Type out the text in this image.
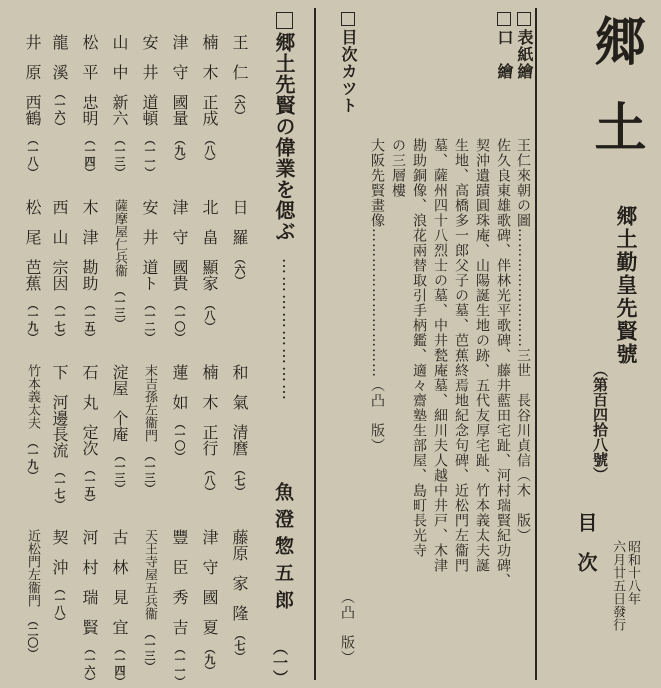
郷土
郷土勤皇先賢號
（第百四拾八號）
目　次	昭和十八年
六月廿五日發行
表紙繪
王仁來朝の圖……………………三世　長谷川貞信（木　版）
口　繪
佐久良東雄歌碑、伴林光平歌碑、藤井藍田宅趾、河村瑞賢紀功碑、
契沖遺蹟圓珠庵、山陽誕生地の跡、五代友厚宅趾、竹本義太夫誕
生地、高橋多一郎父子の墓、芭蕉終焉地紀念句碑、近松門左衞門
墓、薩州四十八烈士の墓、中井甃庵墓、細川夫人越中井戸、木津
勘助銅像、浪花兩替取引手柄鑑、適々齋塾生部屋、島町長光寺
の三層樓
大阪先賢畫像…………………………（凸　版）
目次カツト
（凸　版）
郷土先賢の偉業を偲ぶ
魚澄惣五郎
（一）
……………………
王仁（六）
日羅（六）
和氣清麿（七）
藤原家隆（七）
楠木正成（八）
北畠顯家（八）
楠木正行（八）
津守國夏（九）
津守國量（九）
津守國貴（一〇）
蓮如（一〇）
豐臣秀吉（一一）
安井道頓（一一）
安井道ト（一二）
末吉孫左衞門（一三）
天王寺屋五兵衞（一三）
山中新六（一三）
薩摩屋仁兵衞（一三）
淀屋个庵（一三）
古林見宜（一四）
松平忠明（一四）
木津勘助（一五）
石丸定次（一五）
河村瑞賢（一六）
龍溪（一六）
西山宗因（一七）
下河邊長流（一七）
契沖（一八）
井原西鶴（一八）
松尾芭蕉（一九）
竹本義太夫（一九）
近松門左衞門（二〇）
